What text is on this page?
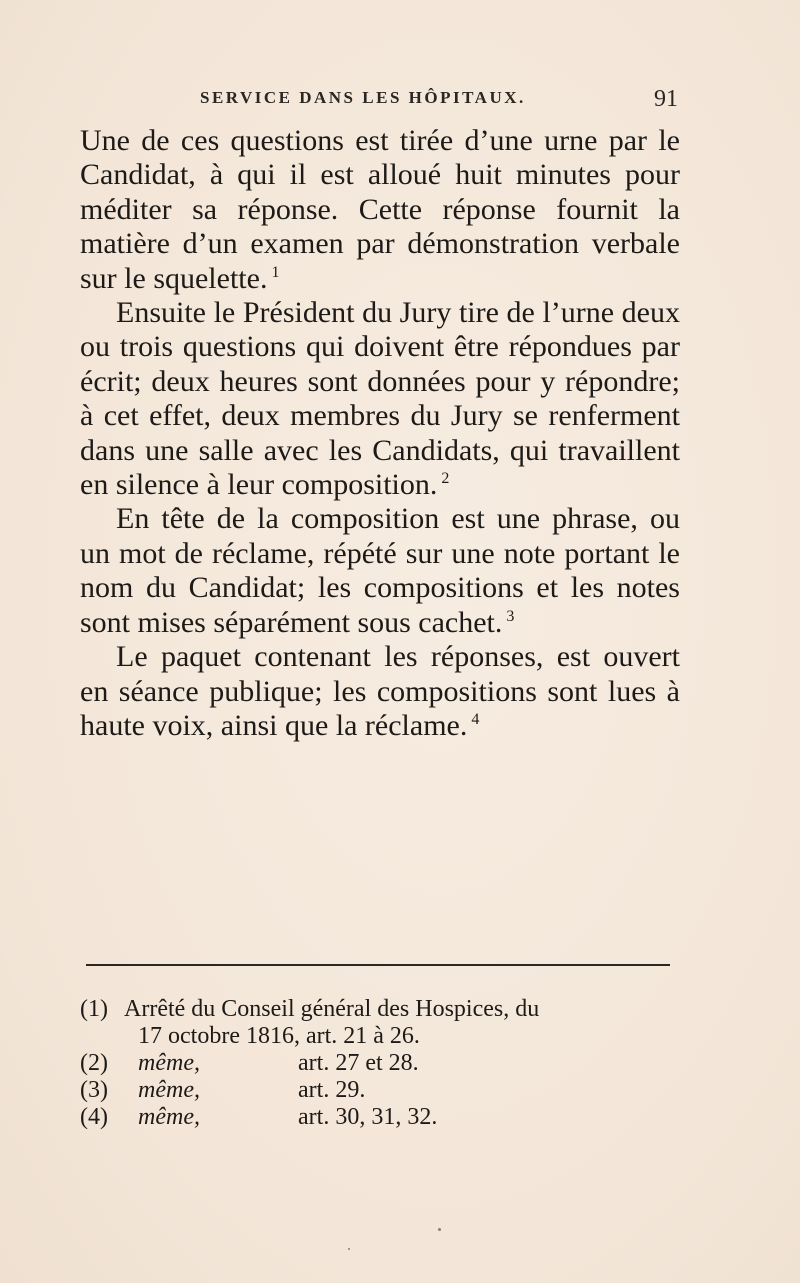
SERVICE DANS LES HÔPITAUX.	91

Une de ces questions est tirée d’une urne par le Candidat, à qui il est alloué huit minutes pour méditer sa réponse. Cette réponse fournit la matière d’un examen par démonstration verbale sur le squelette. $^1$

Ensuite le Président du Jury tire de l’urne deux ou trois questions qui doivent être répondues par écrit; deux heures sont données pour y répondre; à cet effet, deux membres du Jury se renferment dans une salle avec les Candidats, qui travaillent en silence à leur composition. $^2$

En tête de la composition est une phrase, ou un mot de réclame, répété sur une note portant le nom du Candidat; les compositions et les notes sont mises séparément sous cachet. $^3$

Le paquet contenant les réponses, est ouvert en séance publique; les compositions sont lues à haute voix, ainsi que la réclame. $^4$

(1) Arrêté du Conseil général des Hospices, du
17 octobre 1816, art. 21 à 26.
(2)	même,	art. 27 et 28.
(3)	même,	art. 29.
(4)	même,	art. 30, 31, 32.
